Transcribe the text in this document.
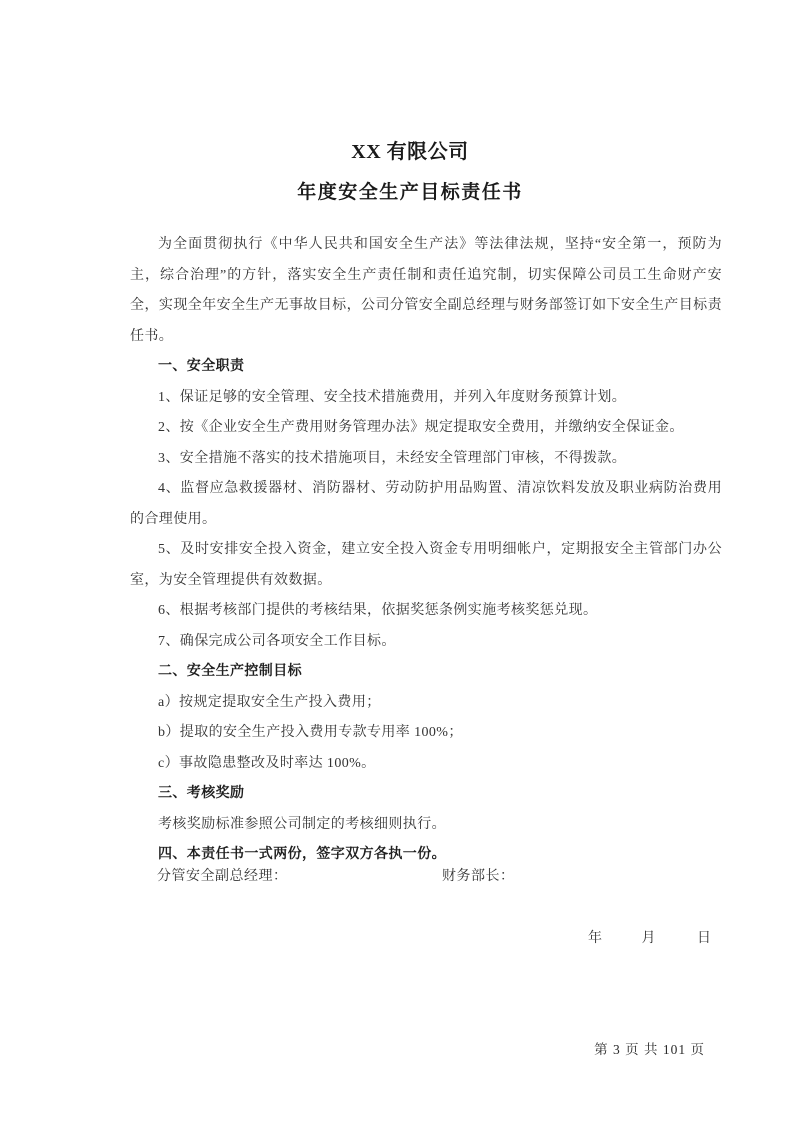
XX 有限公司
年度安全生产目标责任书

为全面贯彻执行《中华人民共和国安全生产法》等法律法规，坚持“安全第一，预防为主，综合治理”的方针，落实安全生产责任制和责任追究制，切实保障公司员工生命财产安全，实现全年安全生产无事故目标，公司分管安全副总经理与财务部签订如下安全生产目标责任书。

一、安全职责

1、保证足够的安全管理、安全技术措施费用，并列入年度财务预算计划。

2、按《企业安全生产费用财务管理办法》规定提取安全费用，并缴纳安全保证金。

3、安全措施不落实的技术措施项目，未经安全管理部门审核，不得拨款。

4、监督应急救援器材、消防器材、劳动防护用品购置、清凉饮料发放及职业病防治费用的合理使用。

5、及时安排安全投入资金，建立安全投入资金专用明细帐户，定期报安全主管部门办公室，为安全管理提供有效数据。

6、根据考核部门提供的考核结果，依据奖惩条例实施考核奖惩兑现。

7、确保完成公司各项安全工作目标。

二、安全生产控制目标

a）按规定提取安全生产投入费用；

b）提取的安全生产投入费用专款专用率 100%；

c）事故隐患整改及时率达 100%。

三、考核奖励

考核奖励标准参照公司制定的考核细则执行。

四、本责任书一式两份，签字双方各执一份。

分管安全副总经理：	财务部长：
年	月	日
第 3 页 共 101 页
